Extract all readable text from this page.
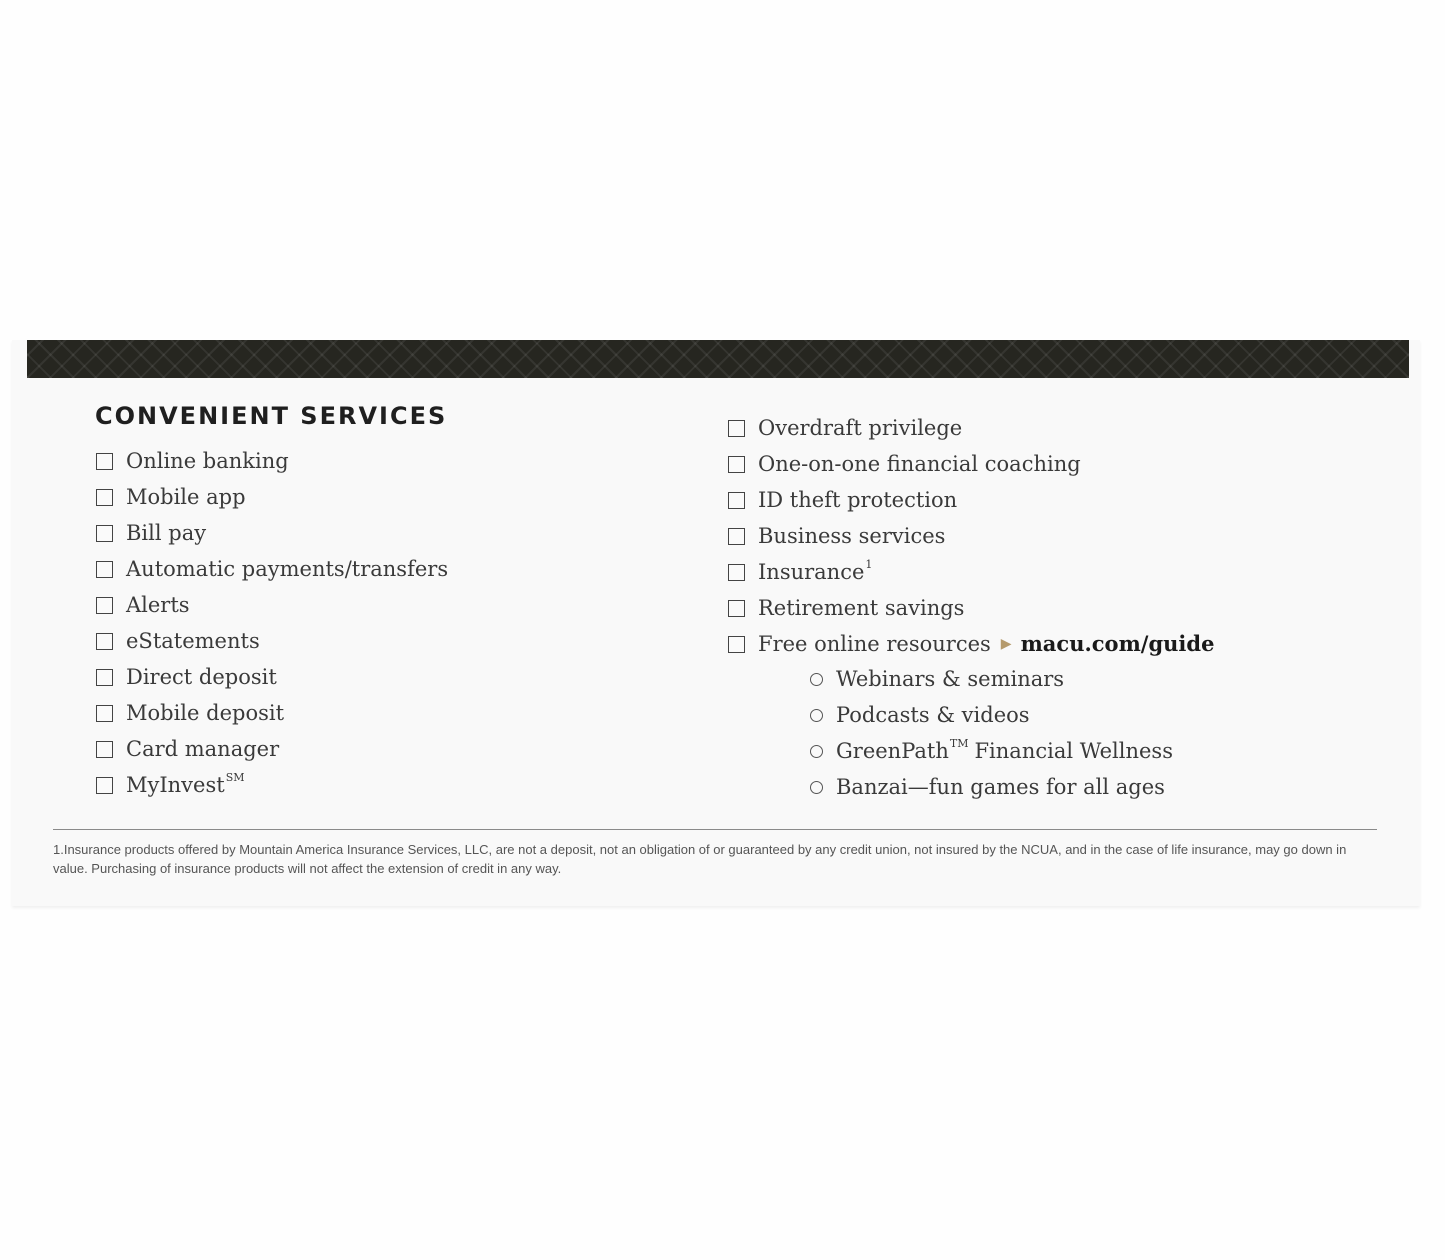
CONVENIENT SERVICES
Online banking
Mobile app
Bill pay
Automatic payments/transfers
Alerts
eStatements
Direct deposit
Mobile deposit
Card manager
MyInvest℠
Overdraft privilege
One-on-one financial coaching
ID theft protection
Business services
Insurance$^1$
Retirement savings
Free online resources ▶ macu.com/guide
Webinars & seminars
Podcasts & videos
GreenPath™ Financial Wellness
Banzai—fun games for all ages

1.Insurance products offered by Mountain America Insurance Services, LLC, are not a deposit, not an obligation of or guaranteed by any credit union, not insured by the NCUA, and in the case of life insurance, may go down in value. Purchasing of insurance products will not affect the extension of credit in any way.
